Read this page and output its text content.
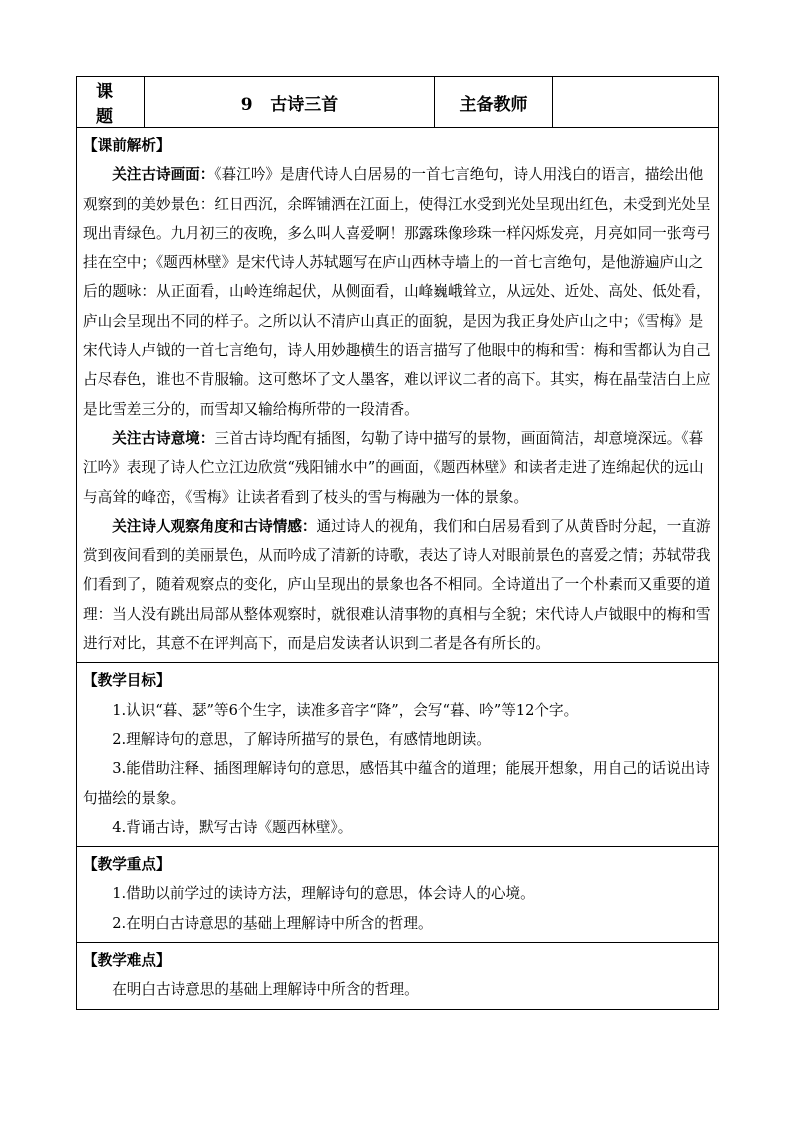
课 题	9 古诗三首	主备教师	

【课前解析】

关注古诗画面：《暮江吟》是唐代诗人白居易的一首七言绝句，诗人用浅白的语言，描绘出他观察到的美妙景色：红日西沉，余晖铺洒在江面上，使得江水受到光处呈现出红色，未受到光处呈现出青绿色。九月初三的夜晚，多么叫人喜爱啊！那露珠像珍珠一样闪烁发亮，月亮如同一张弯弓挂在空中；《题西林壁》是宋代诗人苏轼题写在庐山西林寺墙上的一首七言绝句，是他游遍庐山之后的题咏：从正面看，山岭连绵起伏，从侧面看，山峰巍峨耸立，从远处、近处、高处、低处看，庐山会呈现出不同的样子。之所以认不清庐山真正的面貌，是因为我正身处庐山之中；《雪梅》是宋代诗人卢钺的一首七言绝句，诗人用妙趣横生的语言描写了他眼中的梅和雪：梅和雪都认为自己占尽春色，谁也不肯服输。这可憋坏了文人墨客，难以评议二者的高下。其实，梅在晶莹洁白上应是比雪差三分的，而雪却又输给梅所带的一段清香。

关注古诗意境：三首古诗均配有插图，勾勒了诗中描写的景物，画面简洁，却意境深远。《暮江吟》表现了诗人伫立江边欣赏“残阳铺水中”的画面，《题西林壁》和读者走进了连绵起伏的远山与高耸的峰峦，《雪梅》让读者看到了枝头的雪与梅融为一体的景象。

关注诗人观察角度和古诗情感：通过诗人的视角，我们和白居易看到了从黄昏时分起，一直游赏到夜间看到的美丽景色，从而吟成了清新的诗歌，表达了诗人对眼前景色的喜爱之情；苏轼带我们看到了，随着观察点的变化，庐山呈现出的景象也各不相同。全诗道出了一个朴素而又重要的道理：当人没有跳出局部从整体观察时，就很难认清事物的真相与全貌；宋代诗人卢钺眼中的梅和雪进行对比，其意不在评判高下，而是启发读者认识到二者是各有所长的。

【教学目标】

1.认识“暮、瑟”等6个生字，读准多音字“降”，会写“暮、吟”等12个字。

2.理解诗句的意思，了解诗所描写的景色，有感情地朗读。

3.能借助注释、插图理解诗句的意思，感悟其中蕴含的道理；能展开想象，用自己的话说出诗句描绘的景象。

4.背诵古诗，默写古诗《题西林壁》。

【教学重点】

1.借助以前学过的读诗方法，理解诗句的意思，体会诗人的心境。

2.在明白古诗意思的基础上理解诗中所含的哲理。

【教学难点】

在明白古诗意思的基础上理解诗中所含的哲理。
